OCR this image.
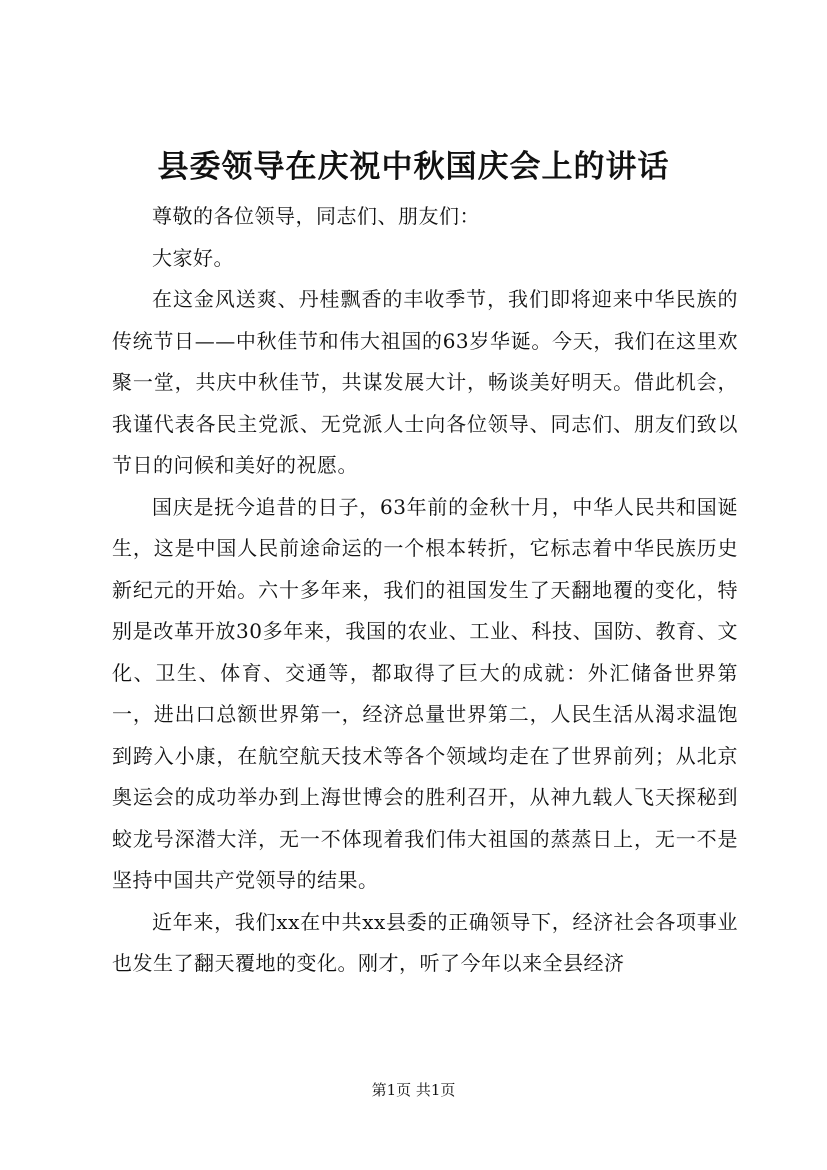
县委领导在庆祝中秋国庆会上的讲话

尊敬的各位领导，同志们、朋友们：

大家好。

在这金风送爽、丹桂飘香的丰收季节，我们即将迎来中华民族的传统节日——中秋佳节和伟大祖国的63岁华诞。今天，我们在这里欢聚一堂，共庆中秋佳节，共谋发展大计，畅谈美好明天。借此机会，我谨代表各民主党派、无党派人士向各位领导、同志们、朋友们致以节日的问候和美好的祝愿。

国庆是抚今追昔的日子，63年前的金秋十月，中华人民共和国诞生，这是中国人民前途命运的一个根本转折，它标志着中华民族历史新纪元的开始。六十多年来，我们的祖国发生了天翻地覆的变化，特别是改革开放30多年来，我国的农业、工业、科技、国防、教育、文化、卫生、体育、交通等，都取得了巨大的成就：外汇储备世界第一，进出口总额世界第一，经济总量世界第二，人民生活从渴求温饱到跨入小康，在航空航天技术等各个领域均走在了世界前列；从北京奥运会的成功举办到上海世博会的胜利召开，从神九载人飞天探秘到蛟龙号深潜大洋，无一不体现着我们伟大祖国的蒸蒸日上，无一不是坚持中国共产党领导的结果。

近年来，我们xx在中共xx县委的正确领导下，经济社会各项事业也发生了翻天覆地的变化。刚才，听了今年以来全县经济

第1页 共1页
